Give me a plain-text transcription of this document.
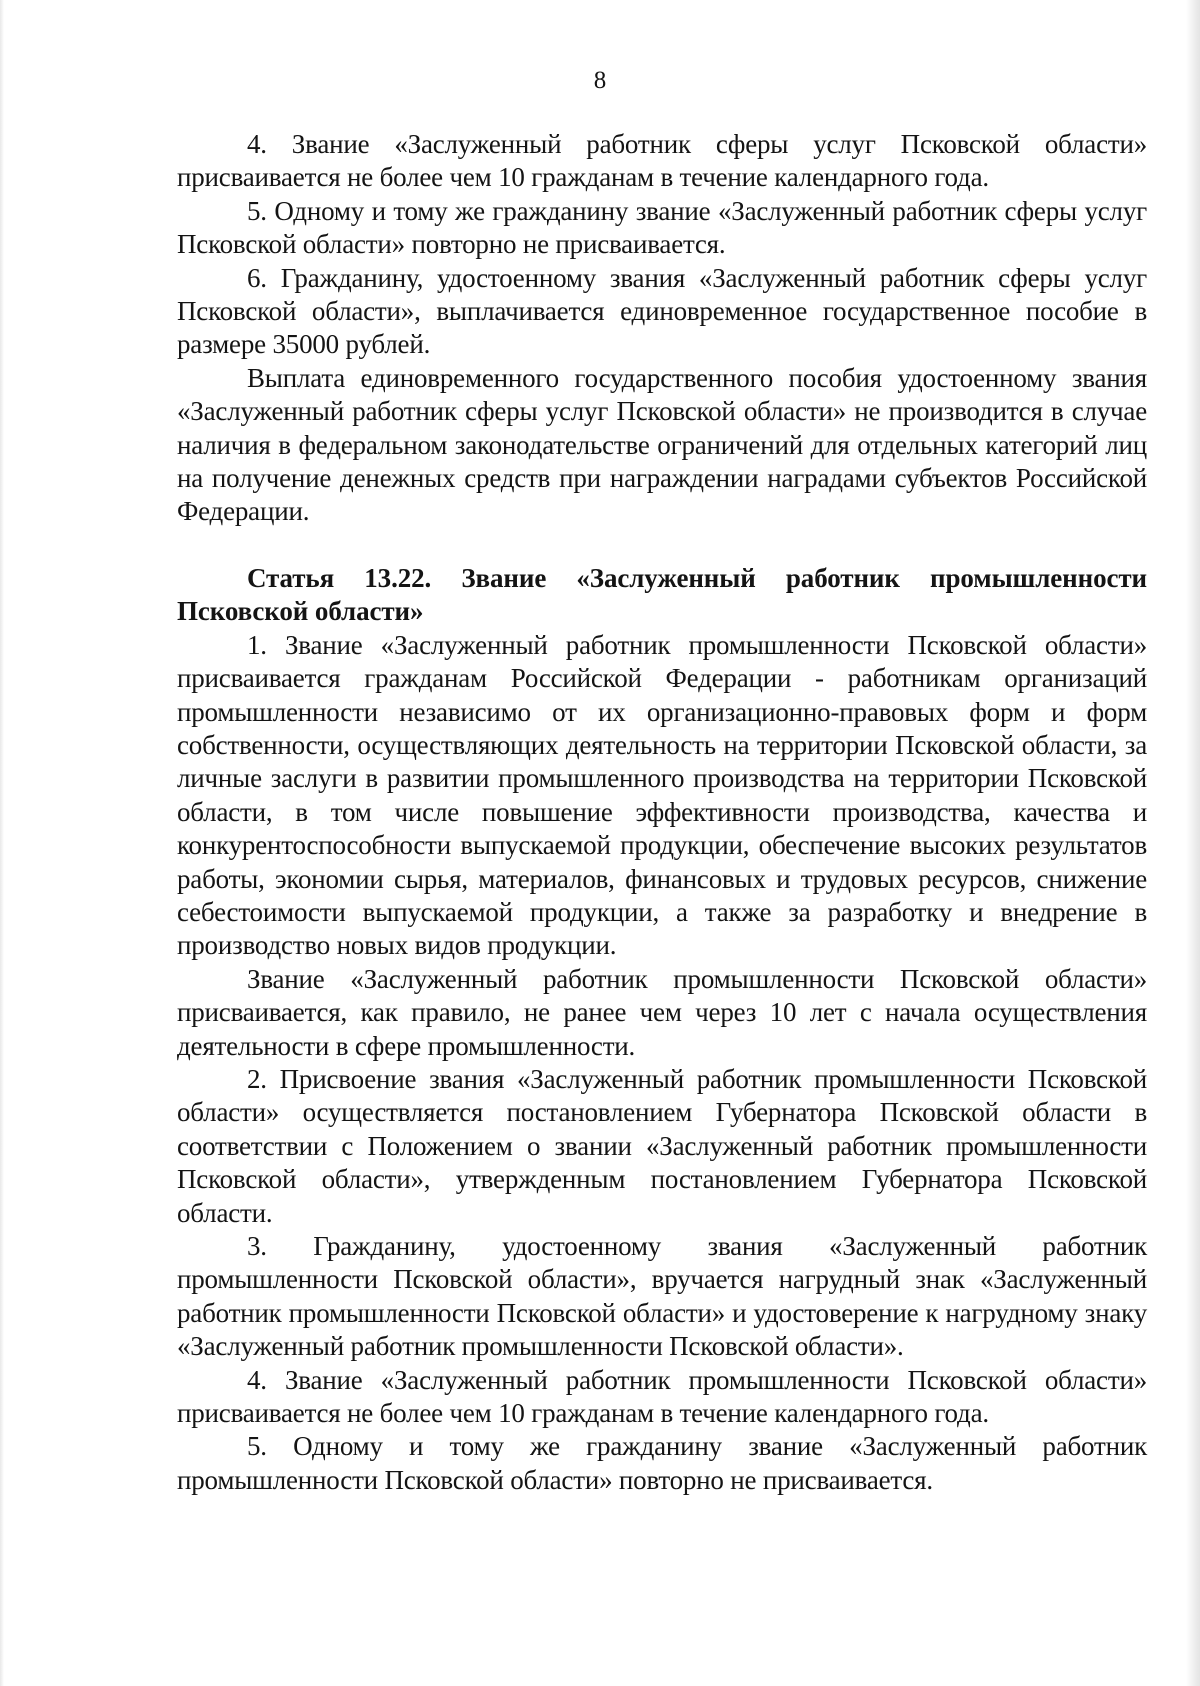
8

4. Звание «Заслуженный работник сферы услуг Псковской области» присваивается не более чем 10 гражданам в течение календарного года.

5. Одному и тому же гражданину звание «Заслуженный работник сферы услуг Псковской области» повторно не присваивается.

6. Гражданину, удостоенному звания «Заслуженный работник сферы услуг Псковской области», выплачивается единовременное государственное пособие в размере 35000 рублей.

Выплата единовременного государственного пособия удостоенному звания «Заслуженный работник сферы услуг Псковской области» не производится в случае наличия в федеральном законодательстве ограничений для отдельных категорий лиц на получение денежных средств при награждении наградами субъектов Российской Федерации.

Статья 13.22. Звание «Заслуженный работник промышленности Псковской области»

1. Звание «Заслуженный работник промышленности Псковской области» присваивается гражданам Российской Федерации - работникам организаций промышленности независимо от их организационно-правовых форм и форм собственности, осуществляющих деятельность на территории Псковской области, за личные заслуги в развитии промышленного производства на территории Псковской области, в том числе повышение эффективности производства, качества и конкурентоспособности выпускаемой продукции, обеспечение высоких результатов работы, экономии сырья, материалов, финансовых и трудовых ресурсов, снижение себестоимости выпускаемой продукции, а также за разработку и внедрение в производство новых видов продукции.

Звание «Заслуженный работник промышленности Псковской области» присваивается, как правило, не ранее чем через 10 лет с начала осуществления деятельности в сфере промышленности.

2. Присвоение звания «Заслуженный работник промышленности Псковской области» осуществляется постановлением Губернатора Псковской области в соответствии с Положением о звании «Заслуженный работник промышленности Псковской области», утвержденным постановлением Губернатора Псковской области.

3. Гражданину, удостоенному звания «Заслуженный работник промышленности Псковской области», вручается нагрудный знак «Заслуженный работник промышленности Псковской области» и удостоверение к нагрудному знаку «Заслуженный работник промышленности Псковской области».

4. Звание «Заслуженный работник промышленности Псковской области» присваивается не более чем 10 гражданам в течение календарного года.

5. Одному и тому же гражданину звание «Заслуженный работник промышленности Псковской области» повторно не присваивается.
